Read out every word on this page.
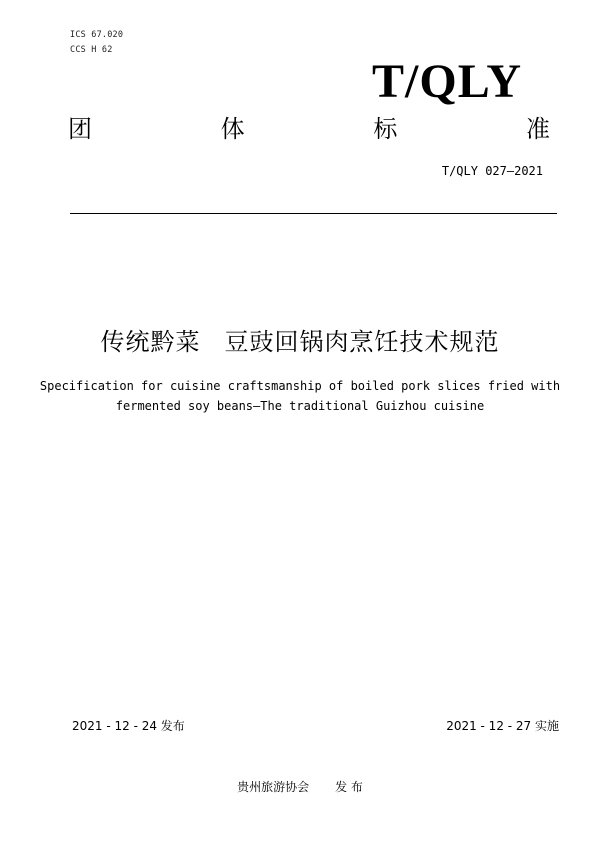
ICS 67.020
CCS H 62
T/QLY
团	体	标	准
T/QLY 027—2021
传统黔菜 豆豉回锅肉烹饪技术规范
Specification for cuisine craftsmanship of boiled pork slices fried with
fermented soy beans—The traditional Guizhou cuisine
2021 - 12 - 24 发布	2021 - 12 - 27 实施
贵州旅游协会 发 布
